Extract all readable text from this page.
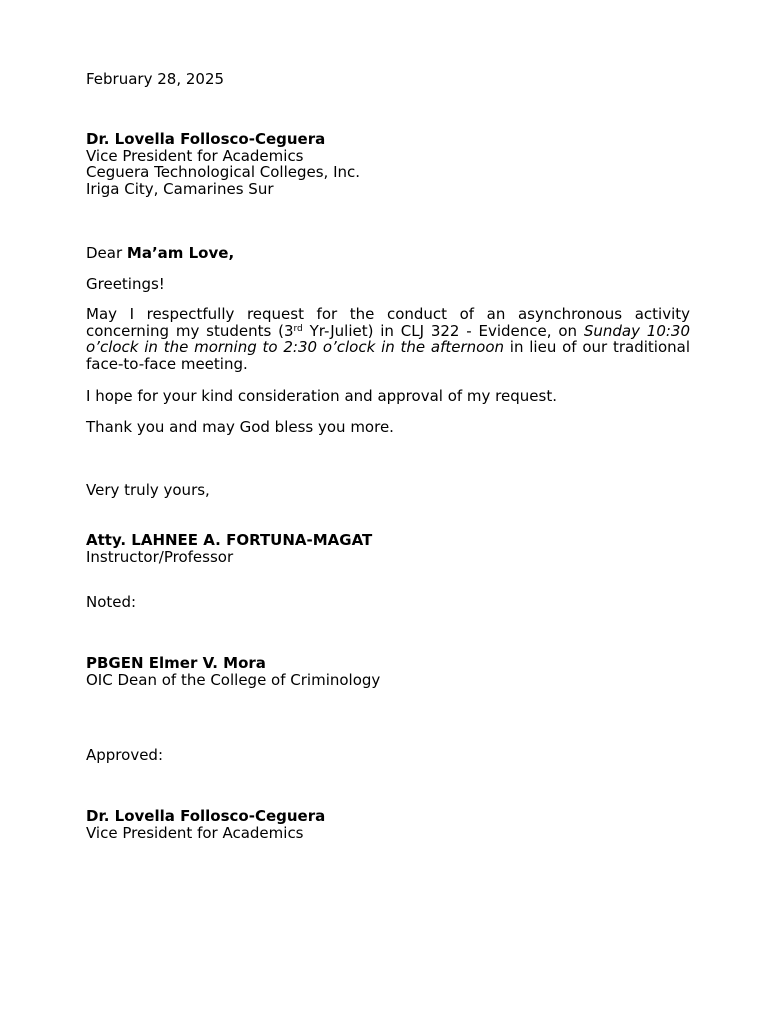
February 28, 2025
Dr. Lovella Follosco-Ceguera
Vice President for Academics
Ceguera Technological Colleges, Inc.
Iriga City, Camarines Sur
Dear Ma’am Love,
Greetings!

May I respectfully request for the conduct of an asynchronous activity concerning my students (3rd Yr-Juliet) in CLJ 322 - Evidence, on Sunday 10:30 o’clock in the morning to 2:30 o’clock in the afternoon in lieu of our traditional face-to-face meeting.

I hope for your kind consideration and approval of my request.
Thank you and may God bless you more.
Very truly yours,
Atty. LAHNEE A. FORTUNA-MAGAT
Instructor/Professor
Noted:
PBGEN Elmer V. Mora
OIC Dean of the College of Criminology
Approved:
Dr. Lovella Follosco-Ceguera
Vice President for Academics
